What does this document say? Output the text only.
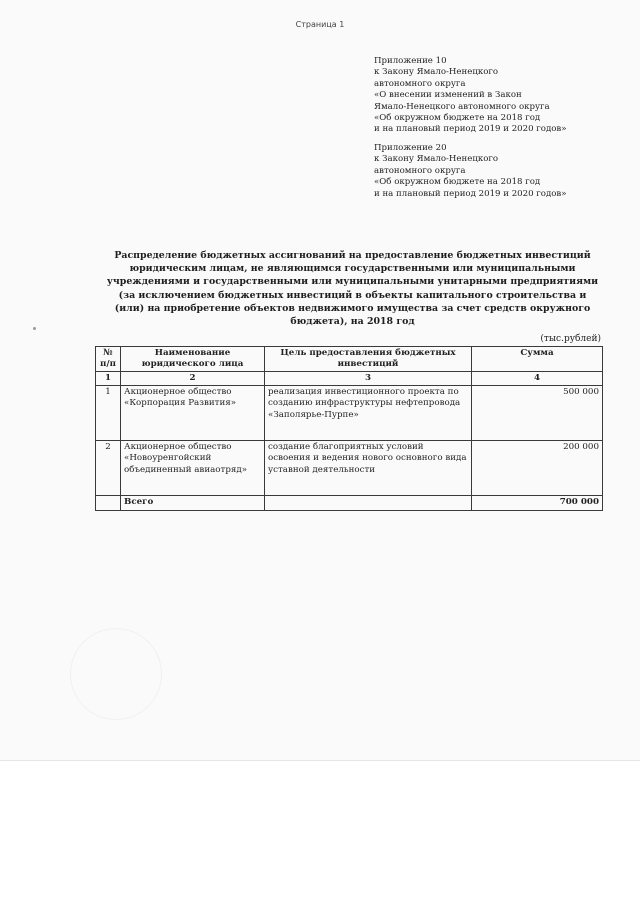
Страница 1
Приложение 10
к Закону Ямало-Ненецкого
автономного округа
«О внесении изменений в Закон
Ямало-Ненецкого автономного округа
«Об окружном бюджете на 2018 год
и на плановый период 2019 и 2020 годов»
Приложение 20
к Закону Ямало-Ненецкого
автономного округа
«Об окружном бюджете на 2018 год
и на плановый период 2019 и 2020 годов»
Распределение бюджетных ассигнований на предоставление бюджетных инвестиций
юридическим лицам, не являющимся государственными или муниципальными
учреждениями и государственными или муниципальными унитарными предприятиями
(за исключением бюджетных инвестиций в объекты капитального строительства и
(или) на приобретение объектов недвижимого имущества за счет средств окружного
бюджета), на 2018 год
(тыс.рублей)
№ п/п	Наименование юридического лица	Цель предоставления бюджетных инвестиций	Сумма
1	2	3	4
1	Акционерное общество «Корпорация Развития»	реализация инвестиционного проекта по созданию инфраструктуры нефтепровода «Заполярье-Пурпе»	500 000
2	Акционерное общество «Новоуренгойский объединенный авиаотряд»	создание благоприятных условий освоения и ведения нового основного вида уставной деятельности	200 000
	Всего		700 000
